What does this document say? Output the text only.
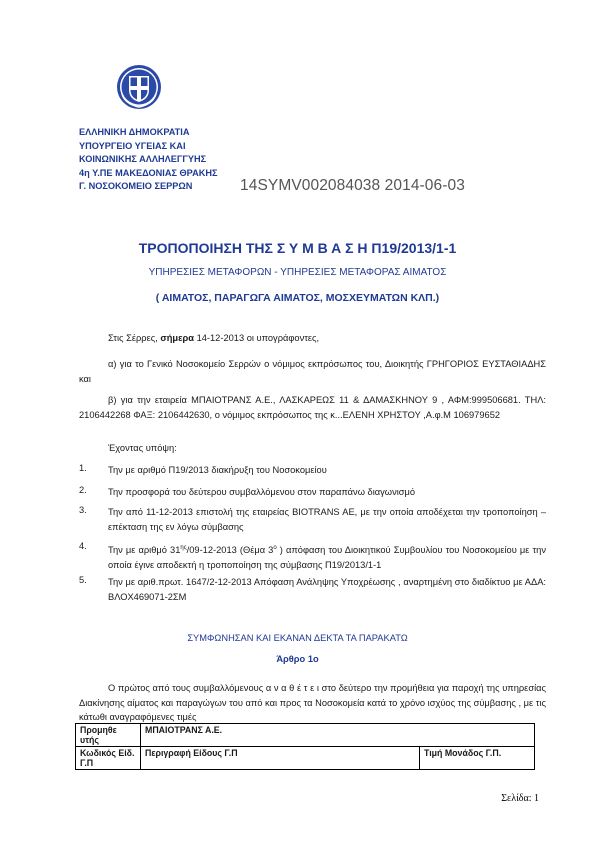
ΕΛΛΗΝΙΚΗ ΔΗΜΟΚΡΑΤΙΑ
ΥΠΟΥΡΓΕΙΟ ΥΓΕΙΑΣ ΚΑΙ
ΚΟΙΝΩΝΙΚΗΣ ΑΛΛΗΛΕΓΓΥΗΣ
4η Υ.ΠΕ ΜΑΚΕΔΟΝΙΑΣ ΘΡΑΚΗΣ
Γ. ΝΟΣΟΚΟΜΕΙΟ ΣΕΡΡΩΝ	14SYMV002084038 2014-06-03
ΤΡΟΠΟΠΟΙΗΣΗ ΤΗΣ Σ Υ Μ Β Α Σ Η Π19/2013/1-1
ΥΠΗΡΕΣΙΕΣ ΜΕΤΑΦΟΡΩΝ - ΥΠΗΡΕΣΙΕΣ ΜΕΤΑΦΟΡΑΣ ΑΙΜΑΤΟΣ
( ΑΙΜΑΤΟΣ, ΠΑΡΑΓΩΓΑ ΑΙΜΑΤΟΣ, ΜΟΣΧΕΥΜΑΤΩΝ ΚΛΠ.)
Στις Σέρρες, σήμερα 14-12-2013 οι υπογράφοντες,
α) για το Γενικό Νοσοκομείο Σερρών ο νόμιμος εκπρόσωπος του, Διοικητής ΓΡΗΓΟΡΙΟΣ ΕΥΣΤΑΘΙΑΔΗΣ και
β) για την εταιρεία ΜΠΑΙΟΤΡΑΝΣ Α.Ε., ΛΑΣΚΑΡΕΩΣ 11 & ΔΑΜΑΣΚΗΝΟΥ 9 , ΑΦΜ:999506681. ΤΗΛ: 2106442268 ΦΑΞ: 2106442630, ο νόμιμος εκπρόσωπος της κ...ΕΛΕΝΗ ΧΡΗΣΤΟΥ ,Α.φ.Μ 106979652
Έχοντας υπόψη:
1. Την με αριθμό Π19/2013 διακήρυξη του Νοσοκομείου
2. Την προσφορά του δεύτερου συμβαλλόμενου στον παραπάνω διαγωνισμό
3. Την από 11-12-2013 επιστολή της εταιρείας BIOTRANS AE, με την οποία αποδέχεται την τροποποίηση – επέκταση της εν λόγω σύμβασης
4. Την με αριθμό $31^{\eta\varsigma}/09-12-2013$ (Θέμα $3^o$ ) απόφαση του Διοικητικού Συμβουλίου του Νοσοκομείου με την οποία έγινε αποδεκτή η τροποποίηση της σύμβασης Π19/2013/1-1
5. Την με αριθ.πρωτ. 1647/2-12-2013 Απόφαση Ανάληψης Υποχρέωσης , αναρτημένη στο διαδίκτυο με ΑΔΑ: ΒΛΟΧ469071-2ΣΜ
ΣΥΜΦΩΝΗΣΑΝ ΚΑΙ ΕΚΑΝΑΝ ΔΕΚΤΑ ΤΑ ΠΑΡΑΚΑΤΩ
Άρθρο 1ο
Ο πρώτος από τους συμβαλλόμενους α ν α θ έ τ ε ι στο δεύτερο την προμήθεια για παροχή της υπηρεσίας Διακίνησης αίματος και παραγώγων του από και προς τα Νοσοκομεία κατά το χρόνο ισχύος της σύμβασης , με τις κάτωθι αναγραφόμενες τιμές
Προμηθε υτής	ΜΠΑΙΟΤΡΑΝΣ Α.Ε.	
Κωδικός Είδ. Γ.Π	Περιγραφή Είδους Γ.Π	Τιμή Μονάδος Γ.Π.
Σελίδα: 1
